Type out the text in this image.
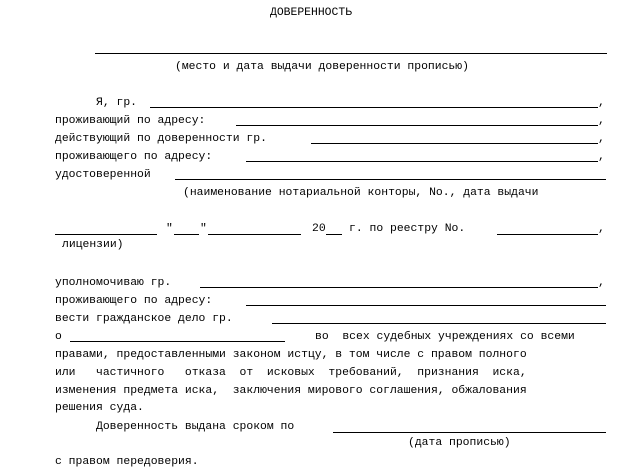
ДОВЕРЕННОСТЬ
(место и дата выдачи доверенности прописью)
Я, гр.	,
проживающий по адресу:	,
действующий по доверенности гр.	,
проживающего по адресу:	,
удостоверенной
(наименование нотариальной конторы, No., дата выдачи
" "	20 г. по реестру No.	,
лицензии)
уполномочиваю гр.	,
проживающего по адресу:
вести гражданское дело гр.
о	во  всех судебных учреждениях со всеми
правами, предоставленными законом истцу, в том числе с правом полного
или   частичного   отказа  от  исковых  требований,  признания  иска,
изменения предмета иска,  заключения мирового соглашения, обжалования
решения суда.
Доверенность выдана сроком по
(дата прописью)
с правом передоверия.
